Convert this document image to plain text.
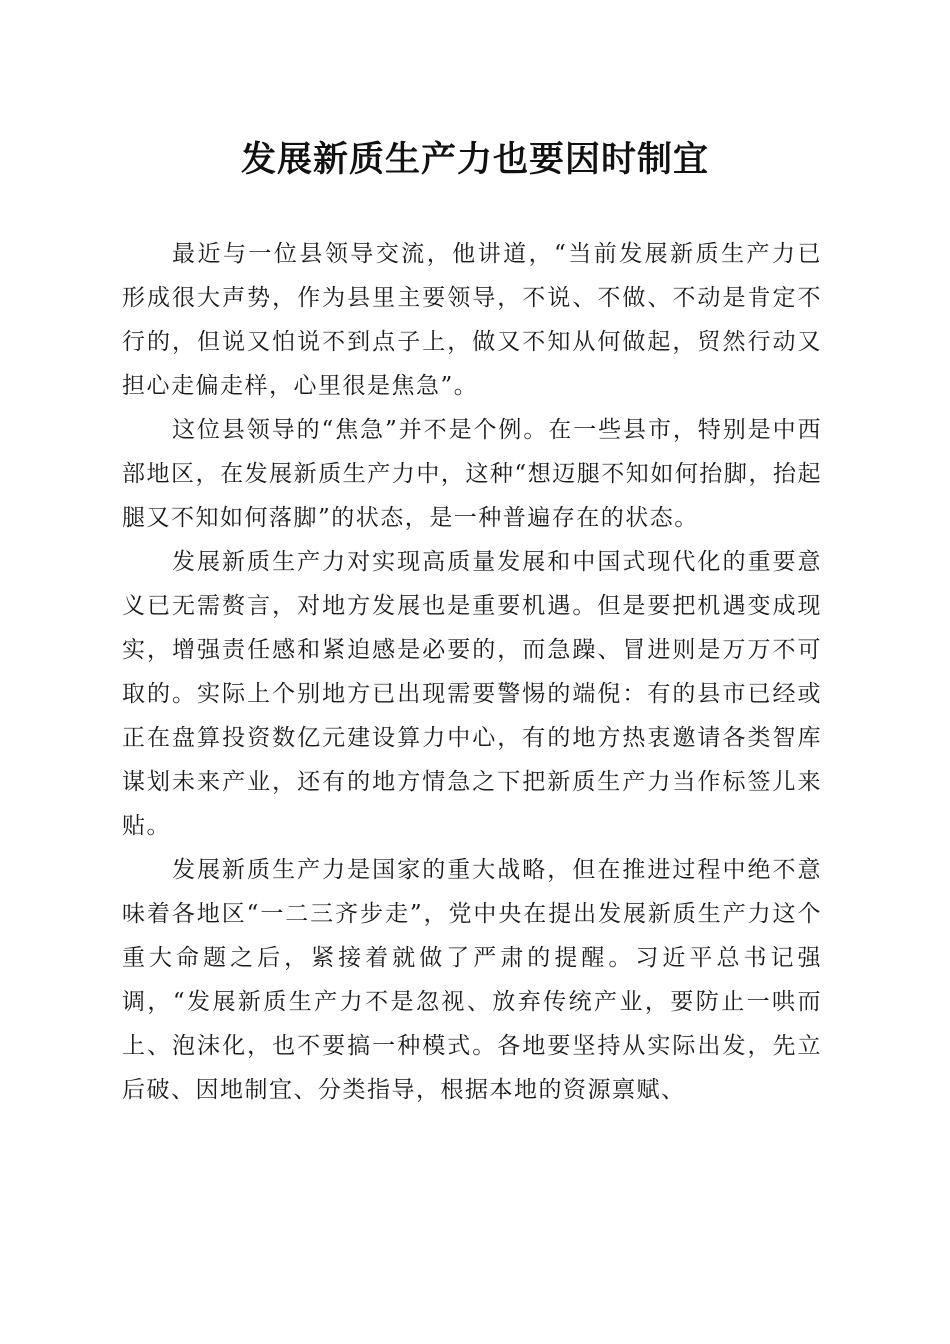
发展新质生产力也要因时制宜

最近与一位县领导交流，他讲道，“当前发展新质生产力已形成很大声势，作为县里主要领导，不说、不做、不动是肯定不行的，但说又怕说不到点子上，做又不知从何做起，贸然行动又担心走偏走样，心里很是焦急”。

这位县领导的“焦急”并不是个例。在一些县市，特别是中西部地区，在发展新质生产力中，这种“想迈腿不知如何抬脚，抬起腿又不知如何落脚”的状态，是一种普遍存在的状态。

发展新质生产力对实现高质量发展和中国式现代化的重要意义已无需赘言，对地方发展也是重要机遇。但是要把机遇变成现实，增强责任感和紧迫感是必要的，而急躁、冒进则是万万不可取的。实际上个别地方已出现需要警惕的端倪：有的县市已经或正在盘算投资数亿元建设算力中心，有的地方热衷邀请各类智库谋划未来产业，还有的地方情急之下把新质生产力当作标签儿来贴。

发展新质生产力是国家的重大战略，但在推进过程中绝不意味着各地区“一二三齐步走”，党中央在提出发展新质生产力这个重大命题之后，紧接着就做了严肃的提醒。习近平总书记强调，“发展新质生产力不是忽视、放弃传统产业，要防止一哄而上、泡沫化，也不要搞一种模式。各地要坚持从实际出发，先立后破、因地制宜、分类指导，根据本地的资源禀赋、
